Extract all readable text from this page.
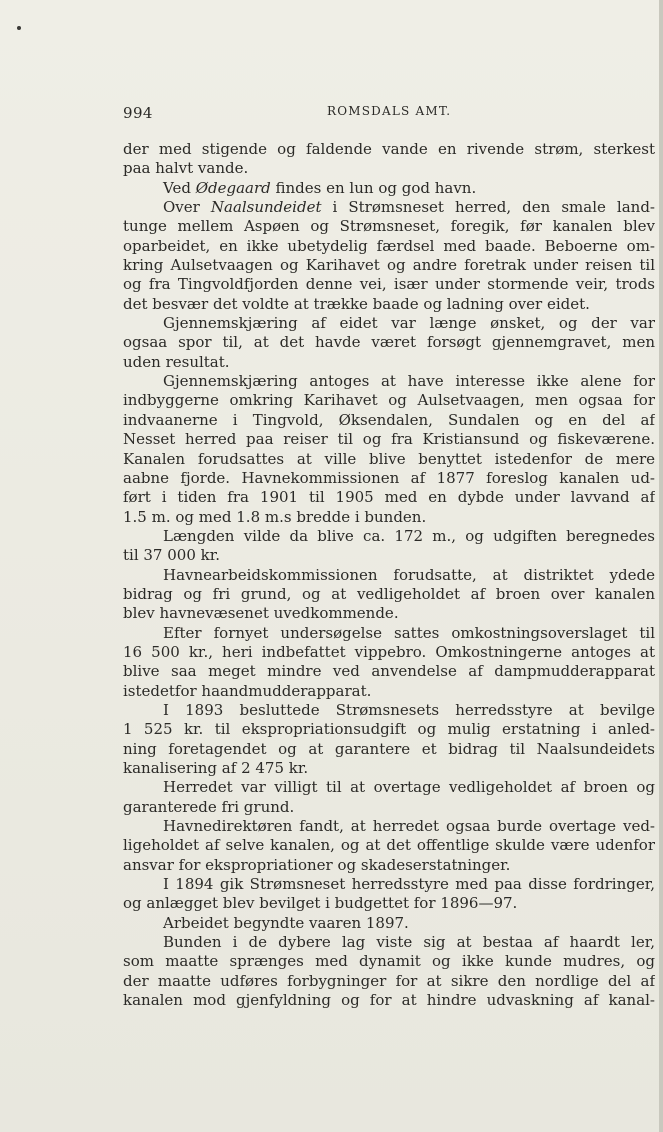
994	ROMSDALS AMT.
der med stigende og faldende vande en rivende strøm, sterkest
paa halvt vande.
Ved Ødegaard findes en lun og god havn.
Over Naalsundeidet i Strømsneset herred, den smale land-
tunge mellem Aspøen og Strømsneset, foregik, før kanalen blev
oparbeidet, en ikke ubetydelig færdsel med baade. Beboerne om-
kring Aulsetvaagen og Karihavet og andre foretrak under reisen til
og fra Tingvoldfjorden denne vei, især under stormende veir, trods
det besvær det voldte at trække baade og ladning over eidet.
Gjennemskjæring af eidet var længe ønsket, og der var
ogsaa spor til, at det havde været forsøgt gjennemgravet, men
uden resultat.
Gjennemskjæring antoges at have interesse ikke alene for
indbyggerne omkring Karihavet og Aulsetvaagen, men ogsaa for
indvaanerne i Tingvold, Øksendalen, Sundalen og en del af
Nesset herred paa reiser til og fra Kristiansund og fiskeværene.
Kanalen forudsattes at ville blive benyttet istedenfor de mere
aabne fjorde. Havnekommissionen af 1877 foreslog kanalen ud-
ført i tiden fra 1901 til 1905 med en dybde under lavvand af
1.5 m. og med 1.8 m.s bredde i bunden.
Længden vilde da blive ca. 172 m., og udgiften beregnedes
til 37 000 kr.
Havnearbeidskommissionen forudsatte, at distriktet ydede
bidrag og fri grund, og at vedligeholdet af broen over kanalen
blev havnevæsenet uvedkommende.
Efter fornyet undersøgelse sattes omkostningsoverslaget til
16 500 kr., heri indbefattet vippebro. Omkostningerne antoges at
blive saa meget mindre ved anvendelse af dampmudderapparat
istedetfor haandmudderapparat.
I 1893 besluttede Strømsnesets herredsstyre at bevilge
1 525 kr. til ekspropriationsudgift og mulig erstatning i anled-
ning foretagendet og at garantere et bidrag til Naalsundeidets
kanalisering af 2 475 kr.
Herredet var villigt til at overtage vedligeholdet af broen og
garanterede fri grund.
Havnedirektøren fandt, at herredet ogsaa burde overtage ved-
ligeholdet af selve kanalen, og at det offentlige skulde være udenfor
ansvar for ekspropriationer og skadeserstatninger.
I 1894 gik Strømsneset herredsstyre med paa disse fordringer,
og anlægget blev bevilget i budgettet for 1896—97.
Arbeidet begyndte vaaren 1897.
Bunden i de dybere lag viste sig at bestaa af haardt ler,
som maatte sprænges med dynamit og ikke kunde mudres, og
der maatte udføres forbygninger for at sikre den nordlige del af
kanalen mod gjenfyldning og for at hindre udvaskning af kanal-
